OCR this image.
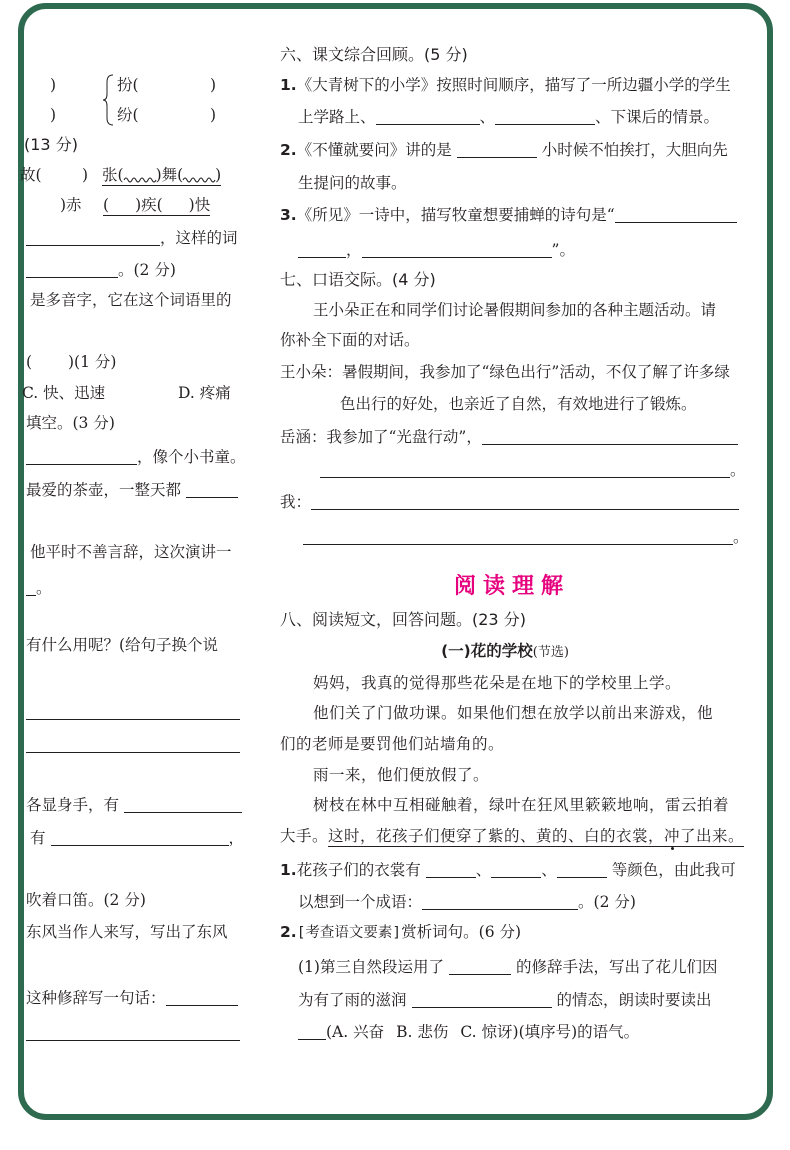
)	扮(	)
)	纷(	)
(13 分)
故(	) 张( )舞( )
)赤 ( )疾( )快
，这样的词
。(2 分)
是多音字，它在这个词语里的
( )(1 分)
C. 快、迅速	D. 疼痛
填空。(3 分)
，像个小书童。
最爱的茶壶，一整天都
他平时不善言辞，这次演讲一
。
有什么用呢？(给句子换个说
各显身手，有
有	，
吹着口笛。(2 分)
东风当作人来写，写出了东风
这种修辞写一句话：
六、课文综合回顾。(5 分)
1.《大青树下的小学》按照时间顺序，描写了一所边疆小学的学生
上学路上、	、	、下课后的情景。
2.《不懂就要问》讲的是	小时候不怕挨打，大胆向先
生提问的故事。
3.《所见》一诗中，描写牧童想要捕蝉的诗句是“
，	”。
七、口语交际。(4 分)
王小朵正在和同学们讨论暑假期间参加的各种主题活动。请
你补全下面的对话。
王小朵：暑假期间，我参加了“绿色出行”活动，不仅了解了许多绿
色出行的好处，也亲近了自然，有效地进行了锻炼。
岳涵：我参加了“光盘行动”，
。
我：
。
阅读理解
八、阅读短文，回答问题。(23 分)
(一)花的学校(节选)
妈妈，我真的觉得那些花朵是在地下的学校里上学。
他们关了门做功课。如果他们想在放学以前出来游戏，他
们的老师是要罚他们站墙角的。
雨一来，他们便放假了。
树枝在林中互相碰触着，绿叶在狂风里簌簌地响，雷云拍着
大手。这时，花孩子们便穿了紫的、黄的、白的衣裳，冲了出来。
1.花孩子们的衣裳有	、	、	等颜色，由此我可
以想到一个成语：	。(2 分)
2.[考查语文要素]赏析词句。(6 分)
(1)第三自然段运用了	的修辞手法，写出了花儿们因
为有了雨的滋润	的情态，朗读时要读出
(A. 兴奋 B. 悲伤 C. 惊讶)(填序号)的语气。
